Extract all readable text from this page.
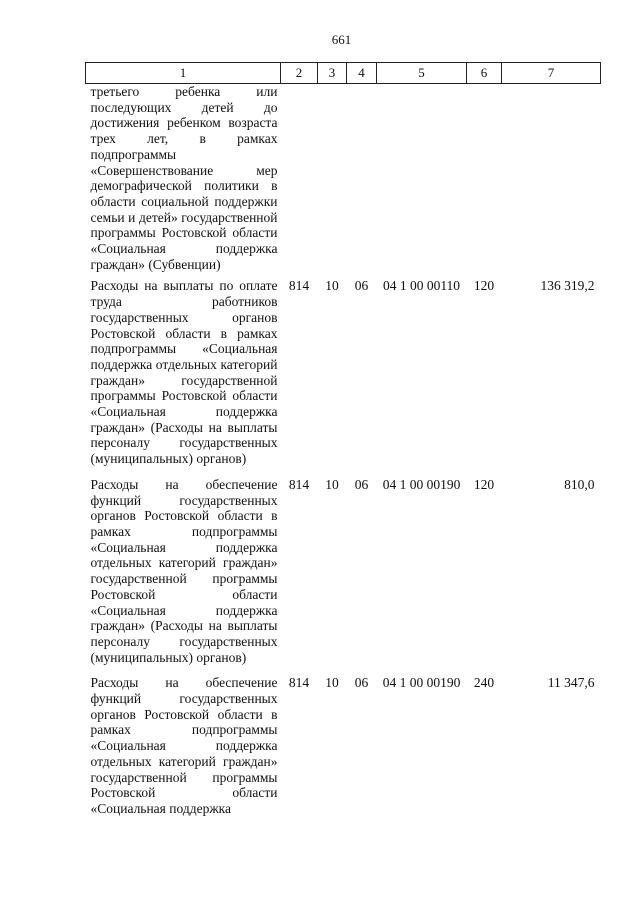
661
1	2	3	4	5	6	7
третьего ребенка или последующих детей до достижения ребенком возраста трех лет, в рамках подпрограммы «Совершенствование мер демографической политики в области социальной поддержки семьи и детей» государственной программы Ростовской области «Социальная поддержка граждан» (Субвенции)						
Расходы на выплаты по оплате труда работников государственных органов Ростовской области в рамках подпрограммы «Социальная поддержка отдельных категорий граждан» государственной программы Ростовской области «Социальная поддержка граждан» (Расходы на выплаты персоналу государственных (муниципальных) органов)	814	10	06	04 1 00 00110	120	136 319,2
Расходы на обеспечение функций государственных органов Ростовской области в рамках подпрограммы «Социальная поддержка отдельных категорий граждан» государственной программы Ростовской области «Социальная поддержка граждан» (Расходы на выплаты персоналу государственных (муниципальных) органов)	814	10	06	04 1 00 00190	120	810,0
Расходы на обеспечение функций государственных органов Ростовской области в рамках подпрограммы «Социальная поддержка отдельных категорий граждан» государственной программы Ростовской области «Социальная поддержка	814	10	06	04 1 00 00190	240	11 347,6
